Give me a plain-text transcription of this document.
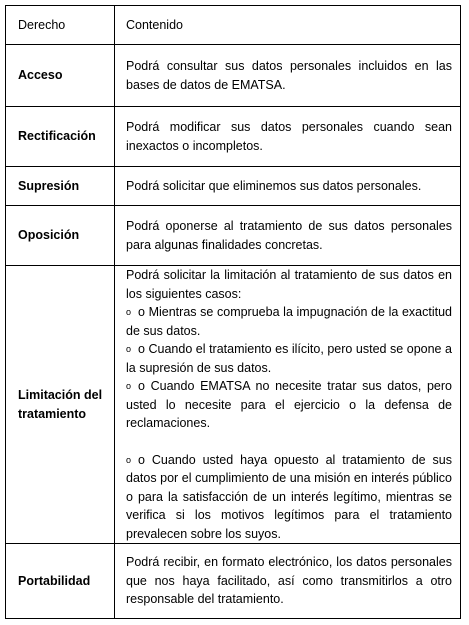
Derecho	Contenido
Acceso	Podrá consultar sus datos personales incluidos en las bases de datos de EMATSA.
Rectificación	Podrá modificar sus datos personales cuando sean inexactos o incompletos.
Supresión	Podrá solicitar que eliminemos sus datos personales.
Oposición	Podrá oponerse al tratamiento de sus datos personales para algunas finalidades concretas.
Limitación del tratamiento	Podrá solicitar la limitación al tratamiento de sus datos en los siguientes casos:

o o Mientras se comprueba la impugnación de la exactitud de sus datos.

o o Cuando el tratamiento es ilícito, pero usted se opone a la supresión de sus datos.

o o Cuando EMATSA no necesite tratar sus datos, pero usted lo necesite para el ejercicio o la defensa de reclamaciones.

o o Cuando usted haya opuesto al tratamiento de sus datos por el cumplimiento de una misión en interés público o para la satisfacción de un interés legítimo, mientras se verifica si los motivos legítimos para el tratamiento prevalecen sobre los suyos.

Portabilidad	Podrá recibir, en formato electrónico, los datos personales que nos haya facilitado, así como transmitirlos a otro responsable del tratamiento.
